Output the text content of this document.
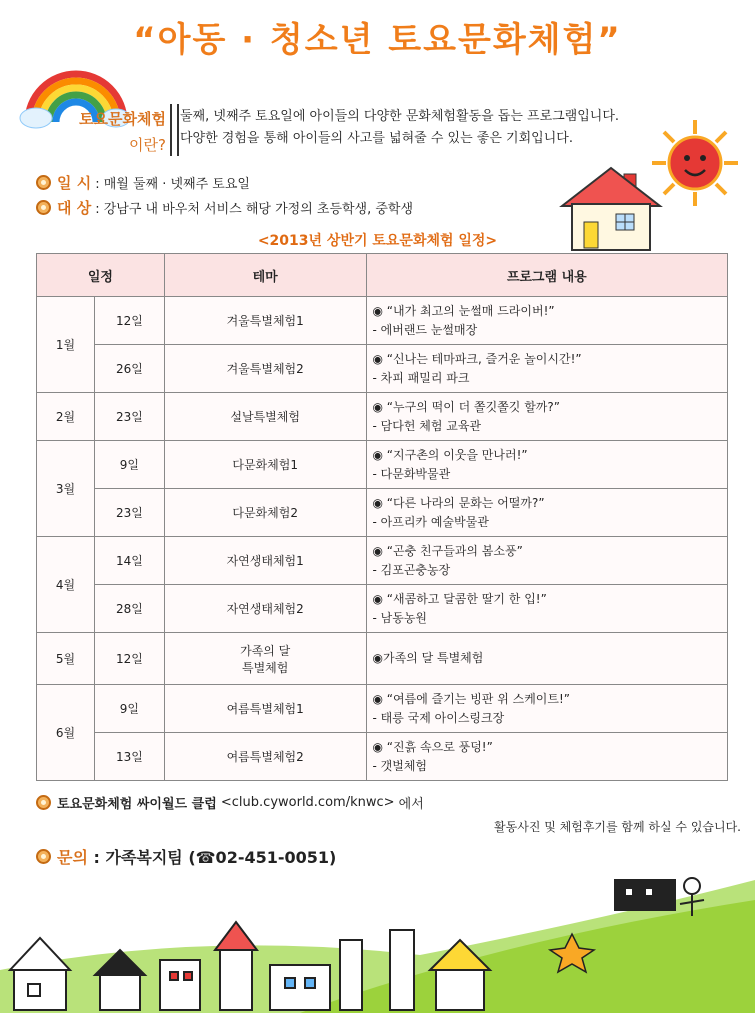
“아동 · 청소년 토요문화체험”
토요문화체험
이란?
둘째, 넷째주 토요일에 아이들의 다양한 문화체험활동을 돕는 프로그램입니다.
다양한 경험을 통해 아이들의 사고를 넓혀줄 수 있는 좋은 기회입니다.
일 시 : 매월 둘째 · 넷째주 토요일
대 상 : 강남구 내 바우처 서비스 해당 가정의 초등학생, 중학생
<2013년 상반기 토요문화체험 일정>
일정		테마	프로그램 내용
1월	12일	겨울특별체험1	◉ “내가 최고의 눈썰매 드라이버!”
- 에버랜드 눈썰매장

	26일	겨울특별체험2	◉ “신나는 테마파크, 즐거운 놀이시간!”
- 차피 패밀리 파크

2월	23일	설날특별체험	◉ “누구의 떡이 더 쫄깃쫄깃 할까?”
- 담다헌 체험 교육관

3월	9일	다문화체험1	◉ “지구촌의 이웃을 만나러!”
- 다문화박물관

	23일	다문화체험2	◉ “다른 나라의 문화는 어떨까?”
- 아프리카 예술박물관

4월	14일	자연생태체험1	◉ “곤충 친구들과의 봄소풍”
- 김포곤충농장

	28일	자연생태체험2	◉ “새콤하고 달콤한 딸기 한 입!”
- 남동농원

5월	12일	가족의 달
특별체험	◉가족의 달 특별체험

6월	9일	여름특별체험1	◉ “여름에 즐기는 빙판 위 스케이트!”
- 태릉 국제 아이스링크장

	13일	여름특별체험2	◉ “진흙 속으로 풍덩!”
- 갯벌체험
토요문화체험 싸이월드 클럽
<club.cyworld.com/knwc>
에서
활동사진 및 체험후기를 함께 하실 수 있습니다.
문의
: 가족복지팀 (☎02-451-0051)
